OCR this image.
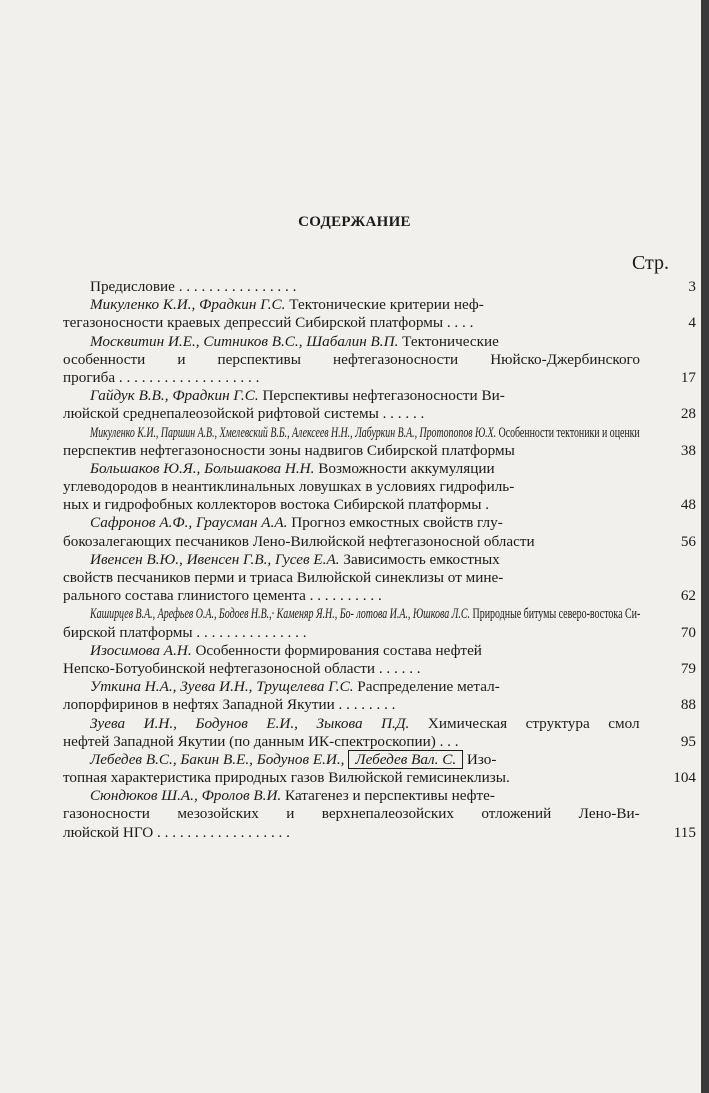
СОДЕРЖАНИЕ
Стр.
Предисловие . . . . . . . . . . . . . . . .	3
Микуленко К.И., Фрадкин Г.С. Тектонические критерии неф-
тегазоносности краевых депрессий Сибирской платформы . . . .	4
Москвитин И.Е., Ситников В.С., Шабалин В.П. Тектонические
особенности и перспективы нефтегазоносности Нюйско-Джербинского
прогиба . . . . . . . . . . . . . . . . . . .	17
Гайдук В.В., Фрадкин Г.С. Перспективы нефтегазоносности Ви-
люйской среднепалеозойской рифтовой системы . . . . . .	28
Микуленко К.И., Паршин А.В., Хмелевский В.Б., Алексеев Н.Н., Лабуркин В.А., Протопопов Ю.Х. Особенности тектоники и оценки
перспектив нефтегазоносности зоны надвигов Сибирской платформы	38
Большаков Ю.Я., Большакова Н.Н. Возможности аккумуляции
углеводородов в неантиклинальных ловушках в условиях гидрофиль-
ных и гидрофобных коллекторов востока Сибирской платформы .	48
Сафронов А.Ф., Граусман А.А. Прогноз емкостных свойств глу-
бокозалегающих песчаников Лено-Вилюйской нефтегазоносной области	56
Ивенсен В.Ю., Ивенсен Г.В., Гусев Е.А. Зависимость емкостных
свойств песчаников перми и триаса Вилюйской синеклизы от мине-
рального состава глинистого цемента . . . . . . . . . .	62
Каширцев В.А., Арефьев О.А., Бодоев Н.В.,· Каменяр Я.Н., Бо- лотова И.А., Юшкова Л.С. Природные битумы северо-востока Си-
бирской платформы . . . . . . . . . . . . . . .	70
Изосимова А.Н. Особенности формирования состава нефтей
Непско-Ботуобинской нефтегазоносной области . . . . . .	79
Уткина Н.А., Зуева И.Н., Трущелева Г.С. Распределение метал-
лопорфиринов в нефтях Западной Якутии . . . . . . . .	88
Зуева И.Н., Бодунов Е.И., Зыкова П.Д. Химическая структура смол
нефтей Западной Якутии (по данным ИК-спектроскопии) . . .	95
Лебедев В.С., Бакин В.Е., Бодунов Е.И., Лебедев Вал. С. Изо-
топная характеристика природных газов Вилюйской гемисинеклизы.	104
Сюндюков Ш.А., Фролов В.И. Катагенез и перспективы нефте-
газоносности мезозойских и верхнепалеозойских отложений Лено-Ви-
люйской НГО . . . . . . . . . . . . . . . . . .	115
